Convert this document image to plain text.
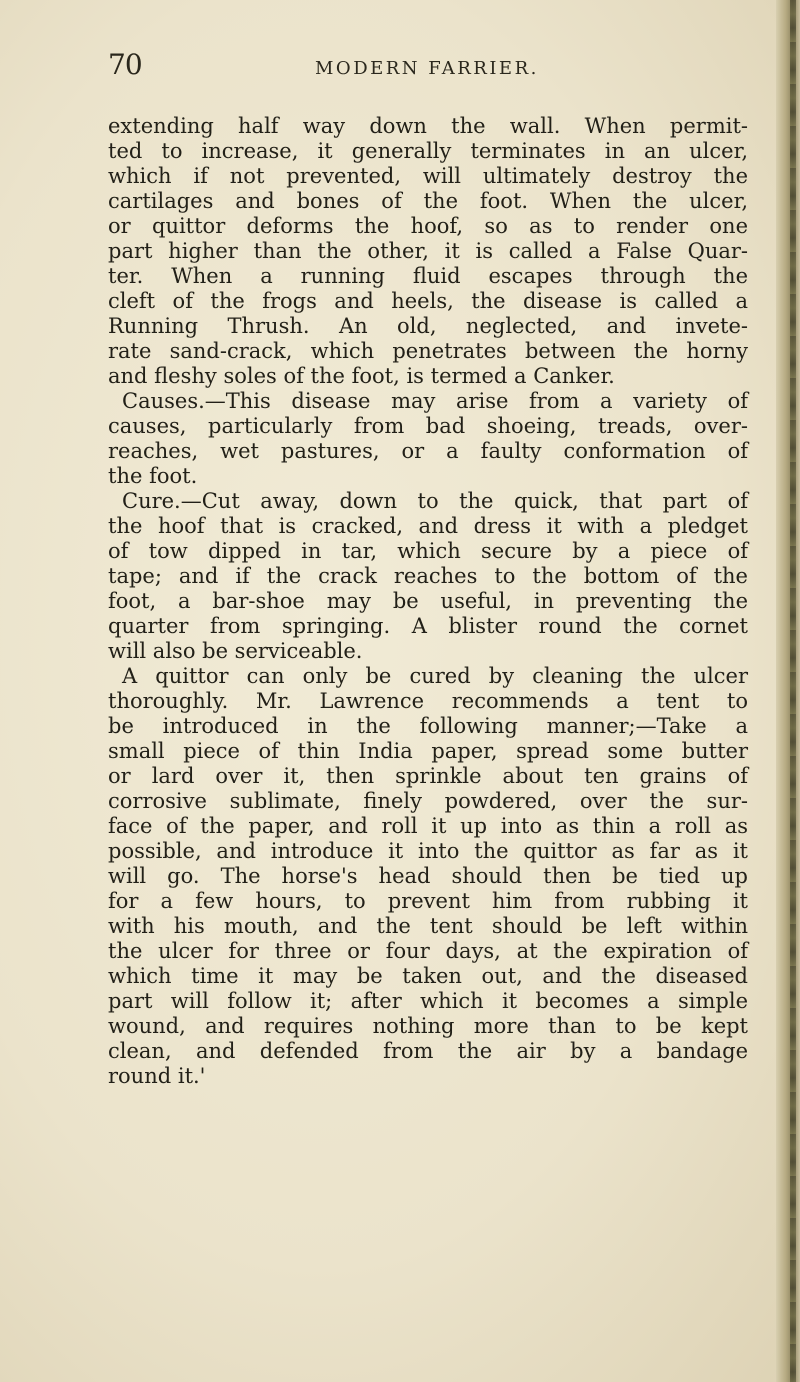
70	MODERN FARRIER.
extending half way down the wall. When permit-
ted to increase, it generally terminates in an ulcer,
which if not prevented, will ultimately destroy the
cartilages and bones of the foot. When the ulcer,
or quittor deforms the hoof, so as to render one
part higher than the other, it is called a False Quar-
ter. When a running fluid escapes through the
cleft of the frogs and heels, the disease is called a
Running Thrush. An old, neglected, and invete-
rate sand-crack, which penetrates between the horny
and fleshy soles of the foot, is termed a Canker.
Causes.—This disease may arise from a variety of
causes, particularly from bad shoeing, treads, over-
reaches, wet pastures, or a faulty conformation of
the foot.
Cure.—Cut away, down to the quick, that part of
the hoof that is cracked, and dress it with a pledget
of tow dipped in tar, which secure by a piece of
tape; and if the crack reaches to the bottom of the
foot, a bar-shoe may be useful, in preventing the
quarter from springing. A blister round the cornet
will also be serviceable.
A quittor can only be cured by cleaning the ulcer
thoroughly. Mr. Lawrence recommends a tent to
be introduced in the following manner;—Take a
small piece of thin India paper, spread some butter
or lard over it, then sprinkle about ten grains of
corrosive sublimate, finely powdered, over the sur-
face of the paper, and roll it up into as thin a roll as
possible, and introduce it into the quittor as far as it
will go. The horse's head should then be tied up
for a few hours, to prevent him from rubbing it
with his mouth, and the tent should be left within
the ulcer for three or four days, at the expiration of
which time it may be taken out, and the diseased
part will follow it; after which it becomes a simple
wound, and requires nothing more than to be kept
clean, and defended from the air by a bandage
round it.'
